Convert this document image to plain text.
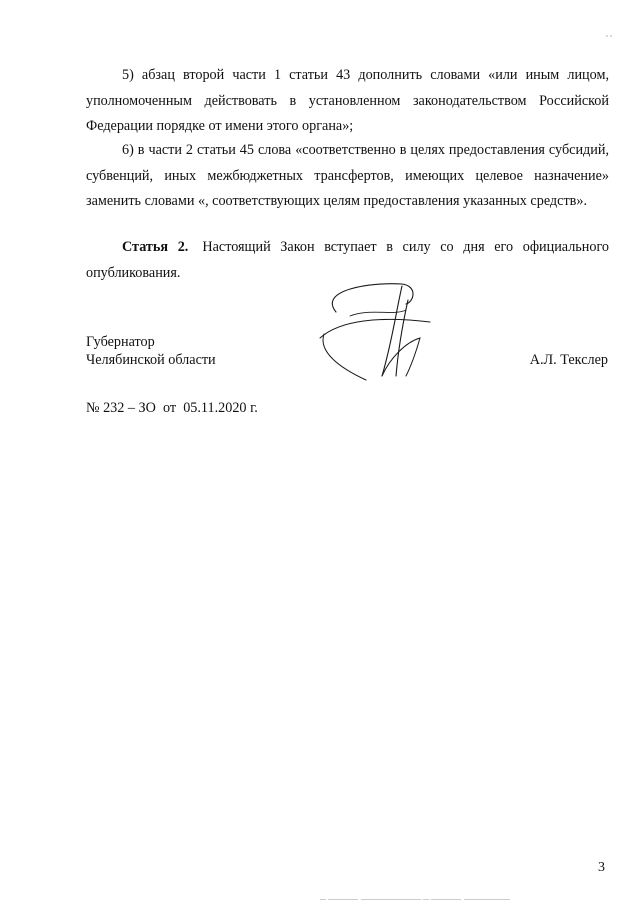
5) абзац второй части 1 статьи 43 дополнить словами «или иным лицом, уполномоченным действовать в установленном законодательством Российской Федерации порядке от имени этого органа»;

6) в части 2 статьи 45 слова «соответственно в целях предоставления субсидий, субвенций, иных межбюджетных трансфертов, имеющих целевое назначение» заменить словами «, соответствующих целям предоставления указанных средств».

Статья 2. Настоящий Закон вступает в силу со дня его официального опубликования.

Губернатор
Челябинской области	А.Л. Текслер
№ 232 – ЗО  от  05.11.2020 г.
3
